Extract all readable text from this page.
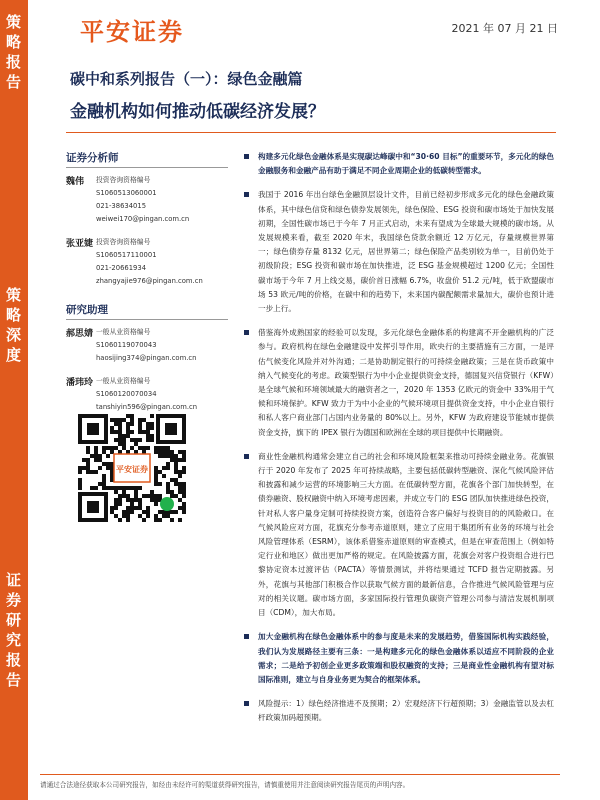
策
略
报
告
策
略
深
度
证
券
研
究
报
告
平安证券	2021 年 07 月 21 日
碳中和系列报告（一）：绿色金融篇
金融机构如何推动低碳经济发展？
证券分析师
魏伟	投资咨询资格编号
S1060513060001
021-38634015
weiwei170@pingan.com.cn
张亚婕 投资咨询资格编号
S1060517110001
021-20661934
zhangyajie976@pingan.com.cn
研究助理
郝思婧 一般从业资格编号
S1060119070043
haosijing374@pingan.com.cn
潘玮玲 一般从业资格编号
S1060120070034
tanshiyin596@pingan.com.cn
平安证券
构建多元化绿色金融体系是实现碳达峰碳中和“30·60 目标”的重要环节，多元化的绿色金融服务和金融产品有助于满足不同企业周期企业的低碳转型需求。
我国于 2016 年出台绿色金融顶层设计文件，目前已经初步形成多元化的绿色金融政策体系，其中绿色信贷和绿色债券发展领先，绿色保险、ESG 投资和碳市场处于加快发展初期，全国性碳市场已于今年 7 月正式启动，未来有望成为全球最大规模的碳市场。从发展规模来看，截至 2020 年末，我国绿色贷款余额近 12 万亿元，存量规模世界第一；绿色债券存量 8132 亿元，居世界第二；绿色保险产品类别较为单一，目前仍处于初级阶段；ESG 投资和碳市场在加快推进，泛 ESG 基金规模超过 1200 亿元；全国性碳市场于今年 7 月上线交易，碳价首日涨幅 6.7%，收盘价 51.2 元/吨，低于欧盟碳市场 53 欧元/吨的价格，在碳中和的趋势下，未来国内碳配额需求量加大，碳价也预计进一步上行。
借鉴海外成熟国家的经验可以发现，多元化绿色金融体系的构建离不开金融机构的广泛参与。政府机构在绿色金融建设中发挥引导作用，欧央行的主要措施有三方面，一是评估气候变化风险并对外沟通；二是协助制定银行的可持续金融政策；三是在货币政策中纳入气候变化的考虑。政策型银行为中小企业提供资金支持，德国复兴信贷银行（KFW）是全球气候和环境领域最大的融资者之一，2020 年 1353 亿欧元的资金中 33%用于气候和环境保护。KFW 致力于为中小企业的气候环境项目提供资金支持，中小企业自银行和私人客户商业部门占国内业务量的 80%以上。另外，KFW 为政府建设节能城市提供资金支持，旗下的 IPEX 银行为德国和欧洲在全球的项目提供中长期融资。
商业性金融机构通常会建立自己的社会和环境风险框架来推动可持续金融业务。花旗银行于 2020 年发布了 2025 年可持续战略，主要包括低碳转型融资、深化气候风险评估和披露和减少运营的环境影响三大方面。在低碳转型方面，花旗各个部门加快转型，在债券融资、股权融资中纳入环境考虑因素，并成立专门的 ESG 团队加快推进绿色投资，针对私人客户量身定制可持续投资方案，创造符合客户偏好与投资目的的风险敞口。在气候风险应对方面，花旗充分参考赤道原则，建立了应用于集团所有业务的环境与社会风险管理体系（ESRM），该体系借鉴赤道原则的审查模式，但是在审查范围上（例如特定行业和地区）做出更加严格的规定。在风险披露方面，花旗会对客户投资组合进行巴黎协定资本过渡评估（PACTA）等情景测试，并将结果通过 TCFD 报告定期披露。另外，花旗与其他部门积极合作以获取气候方面的最新信息，合作推进气候风险管理与应对的相关议题。碳市场方面，多家国际投行管理负碳资产管理公司参与清洁发展机制项目（CDM），加大布局。
加大金融机构在绿色金融体系中的参与度是未来的发展趋势，借鉴国际机构实践经验，我们认为发展路径主要有三条：一是构建多元化的绿色金融体系以适应不同阶段的企业需求；二是给予初创企业更多政策端和股权融资的支持；三是商业性金融机构有望对标国际准则，建立与自身业务更为契合的框架体系。
风险提示：1）绿色经济推进不及预期；2）宏观经济下行超预期；3）金融监管以及去杠杆政策加码超预期。
请通过合法途径获取本公司研究报告，如经由未经许可的渠道获得研究报告，请慎重使用并注意阅读研究报告尾页的声明内容。
